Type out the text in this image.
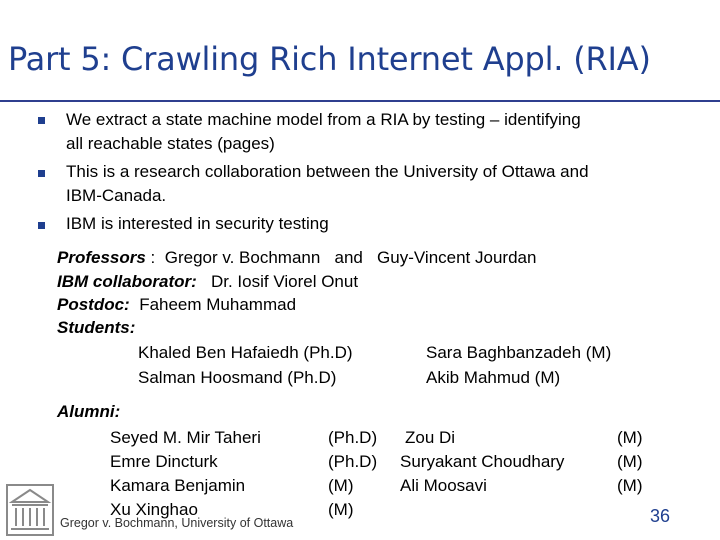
Part 5: Crawling Rich Internet Appl. (RIA)
We extract a state machine model from a RIA by testing – identifying
all reachable states (pages)
This is a research collaboration between the University of Ottawa and
IBM-Canada.
IBM is interested in security testing
Professors :  Gregor v. Bochmann and Guy-Vincent Jourdan
IBM collaborator: Dr. Iosif Viorel Onut
Postdoc: Faheem Muhammad
Students:
Khaled Ben Hafaiedh (Ph.D)
Salman Hoosmand (Ph.D)
Sara Baghbanzadeh (M)
Akib Mahmud (M)
Alumni:
Seyed M. Mir Taheri
Emre Dincturk
Kamara Benjamin
Xu Xinghao
(Ph.D)
(Ph.D)
(M)
(M)
Zou Di
Suryakant Choudhary
Ali Moosavi
(M)
(M)
(M)
Gregor v. Bochmann, University of Ottawa	36
